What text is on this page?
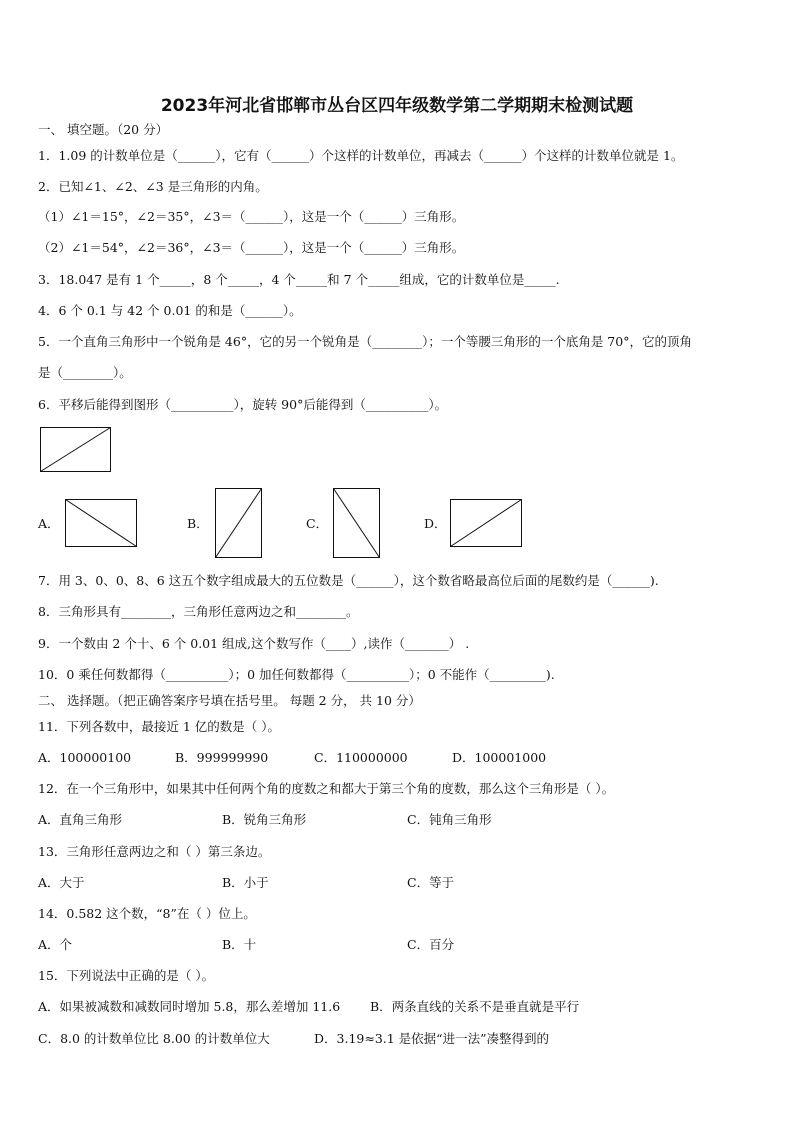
2023年河北省邯郸市丛台区四年级数学第二学期期末检测试题
一、 填空题。（20 分）
1．1.09 的计数单位是（______），它有（______）个这样的计数单位，再减去（______）个这样的计数单位就是 1。
2．已知∠1、∠2、∠3 是三角形的内角。
（1）∠1＝15°，∠2＝35°，∠3＝（______），这是一个（______）三角形。
（2）∠1＝54°，∠2＝36°，∠3＝（______），这是一个（______）三角形。
3．18.047 是有 1 个_____，8 个_____，4 个_____和 7 个_____组成，它的计数单位是_____.
4．6 个 0.1 与 42 个 0.01 的和是（______）。
5．一个直角三角形中一个锐角是 46°，它的另一个锐角是（________）；一个等腰三角形的一个底角是 70°，它的顶角
是（________）。
6．平移后能得到图形（__________），旋转 90°后能得到（__________）。
A．	B．	C．	D．
7．用 3、0、0、8、6 这五个数字组成最大的五位数是（______），这个数省略最高位后面的尾数约是（______).
8．三角形具有________，三角形任意两边之和________。
9．一个数由 2 个十、6 个 0.01 组成,这个数写作（____）,读作（_______） .
10．0 乘任何数都得（__________）；0 加任何数都得（__________）；0 不能作（_________).
二、 选择题。（把正确答案序号填在括号里。 每题 2 分， 共 10 分）
11．下列各数中，最接近 1 亿的数是（ ）。
A．100000100	B．999999990	C．110000000	D．100001000
12．在一个三角形中，如果其中任何两个角的度数之和都大于第三个角的度数，那么这个三角形是（ ）。
A．直角三角形	B．锐角三角形	C．钝角三角形
13．三角形任意两边之和（ ）第三条边。
A．大于	B．小于	C．等于
14．0.582 这个数，“8”在（ ）位上。
A．个	B．十	C．百分
15．下列说法中正确的是（ ）。
A．如果被减数和减数同时增加 5.8，那么差增加 11.6 B．两条直线的关系不是垂直就是平行
C．8.0 的计数单位比 8.00 的计数单位大	D．3.19≈3.1 是依据“进一法”凑整得到的
